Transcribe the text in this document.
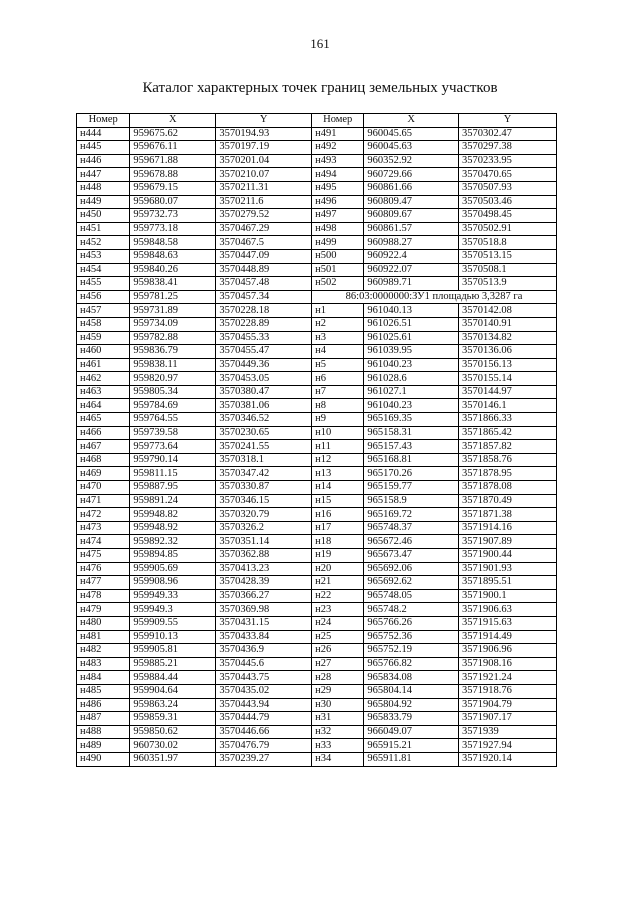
161
Каталог характерных точек границ земельных участков
Номер	X	Y	Номер	X	Y
н444	959675.62	3570194.93	н491	960045.65	3570302.47
н445	959676.11	3570197.19	н492	960045.63	3570297.38
н446	959671.88	3570201.04	н493	960352.92	3570233.95
н447	959678.88	3570210.07	н494	960729.66	3570470.65
н448	959679.15	3570211.31	н495	960861.66	3570507.93
н449	959680.07	3570211.6	н496	960809.47	3570503.46
н450	959732.73	3570279.52	н497	960809.67	3570498.45
н451	959773.18	3570467.29	н498	960861.57	3570502.91
н452	959848.58	3570467.5	н499	960988.27	3570518.8
н453	959848.63	3570447.09	н500	960922.4	3570513.15
н454	959840.26	3570448.89	н501	960922.07	3570508.1
н455	959838.41	3570457.48	н502	960989.71	3570513.9
н456	959781.25	3570457.34	86:03:0000000:ЗУ1 площадью 3,3287 га		
н457	959731.89	3570228.18	н1	961040.13	3570142.08
н458	959734.09	3570228.89	н2	961026.51	3570140.91
н459	959782.88	3570455.33	н3	961025.61	3570134.82
н460	959836.79	3570455.47	н4	961039.95	3570136.06
н461	959838.11	3570449.36	н5	961040.23	3570156.13
н462	959820.97	3570453.05	н6	961028.6	3570155.14
н463	959805.34	3570380.47	н7	961027.1	3570144.97
н464	959784.69	3570381.06	н8	961040.23	3570146.1
н465	959764.55	3570346.52	н9	965169.35	3571866.33
н466	959739.58	3570230.65	н10	965158.31	3571865.42
н467	959773.64	3570241.55	н11	965157.43	3571857.82
н468	959790.14	3570318.1	н12	965168.81	3571858.76
н469	959811.15	3570347.42	н13	965170.26	3571878.95
н470	959887.95	3570330.87	н14	965159.77	3571878.08
н471	959891.24	3570346.15	н15	965158.9	3571870.49
н472	959948.82	3570320.79	н16	965169.72	3571871.38
н473	959948.92	3570326.2	н17	965748.37	3571914.16
н474	959892.32	3570351.14	н18	965672.46	3571907.89
н475	959894.85	3570362.88	н19	965673.47	3571900.44
н476	959905.69	3570413.23	н20	965692.06	3571901.93
н477	959908.96	3570428.39	н21	965692.62	3571895.51
н478	959949.33	3570366.27	н22	965748.05	3571900.1
н479	959949.3	3570369.98	н23	965748.2	3571906.63
н480	959909.55	3570431.15	н24	965766.26	3571915.63
н481	959910.13	3570433.84	н25	965752.36	3571914.49
н482	959905.81	3570436.9	н26	965752.19	3571906.96
н483	959885.21	3570445.6	н27	965766.82	3571908.16
н484	959884.44	3570443.75	н28	965834.08	3571921.24
н485	959904.64	3570435.02	н29	965804.14	3571918.76
н486	959863.24	3570443.94	н30	965804.92	3571904.79
н487	959859.31	3570444.79	н31	965833.79	3571907.17
н488	959850.62	3570446.66	н32	966049.07	3571939
н489	960730.02	3570476.79	н33	965915.21	3571927.94
н490	960351.97	3570239.27	н34	965911.81	3571920.14
